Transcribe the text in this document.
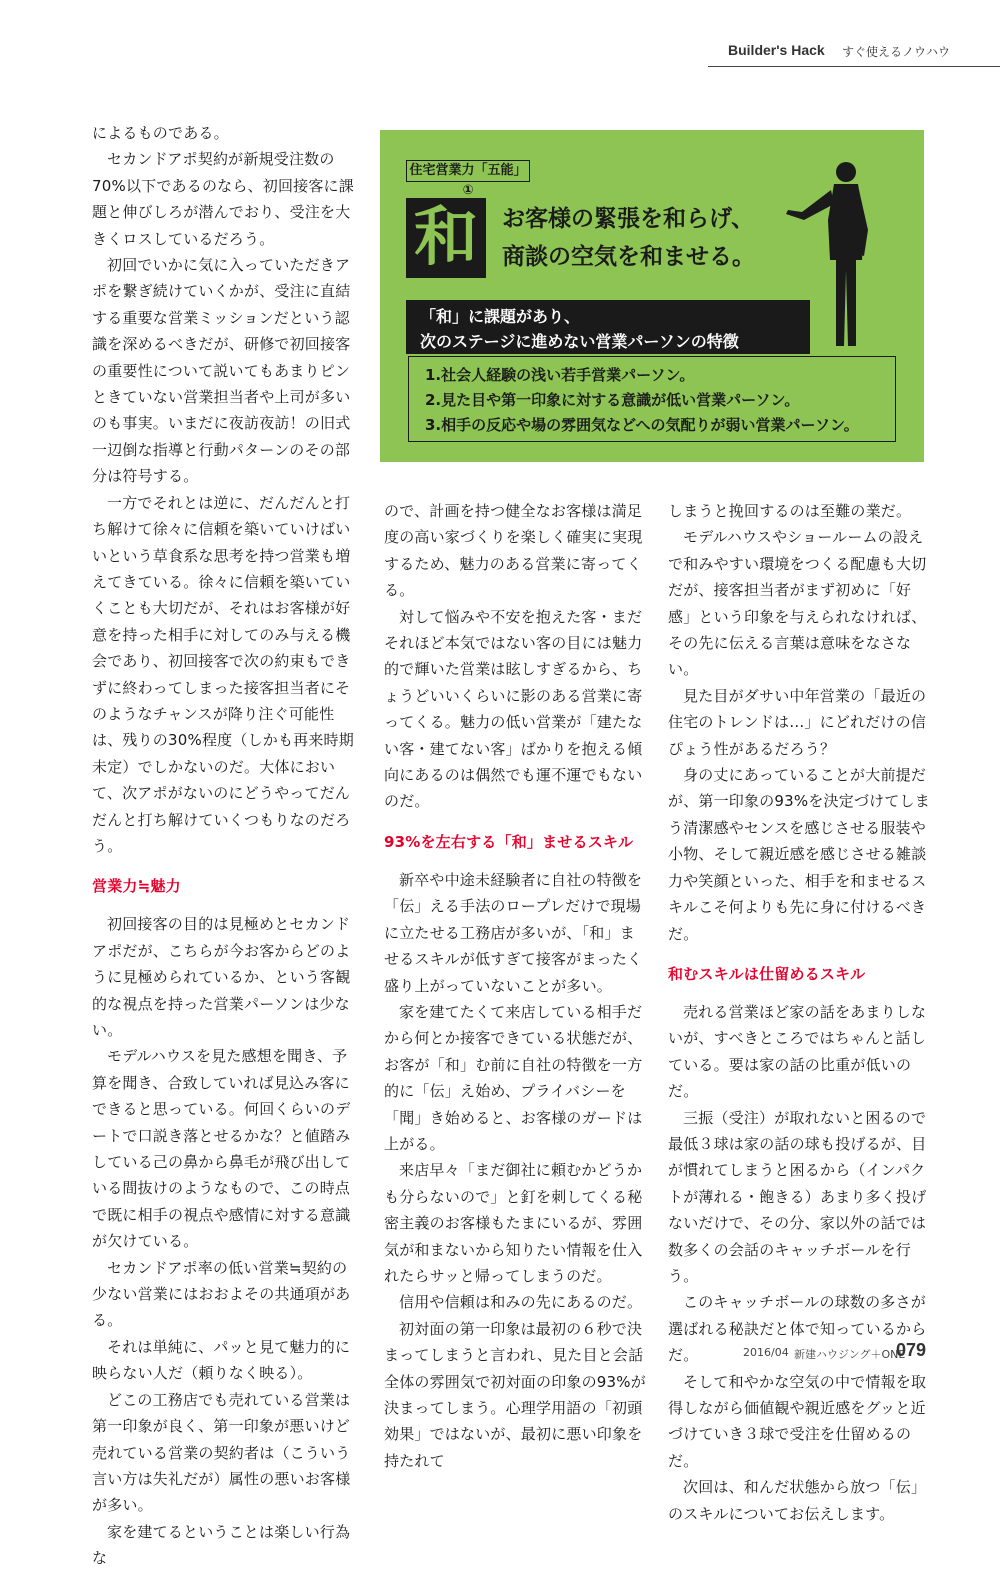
Builder's Hack すぐ使えるノウハウ

によるものである。

セカンドアポ契約が新規受注数の70%以下であるのなら、初回接客に課題と伸びしろが潜んでおり、受注を大きくロスしているだろう。

初回でいかに気に入っていただきアポを繋ぎ続けていくかが、受注に直結する重要な営業ミッションだという認識を深めるべきだが、研修で初回接客の重要性について説いてもあまりピンときていない営業担当者や上司が多いのも事実。いまだに夜訪夜訪！の旧式一辺倒な指導と行動パターンのその部分は符号する。

一方でそれとは逆に、だんだんと打ち解けて徐々に信頼を築いていけばいいという草食系な思考を持つ営業も増えてきている。徐々に信頼を築いていくことも大切だが、それはお客様が好意を持った相手に対してのみ与える機会であり、初回接客で次の約束もできずに終わってしまった接客担当者にそのようなチャンスが降り注ぐ可能性は、残りの30%程度（しかも再来時期未定）でしかないのだ。大体において、次アポがないのにどうやってだんだんと打ち解けていくつもりなのだろう。

営業力≒魅力

初回接客の目的は見極めとセカンドアポだが、こちらが今お客からどのように見極められているか、という客観的な視点を持った営業パーソンは少ない。

モデルハウスを見た感想を聞き、予算を聞き、合致していれば見込み客にできると思っている。何回くらいのデートで口説き落とせるかな？と値踏みしている己の鼻から鼻毛が飛び出している間抜けのようなもので、この時点で既に相手の視点や感情に対する意識が欠けている。

セカンドアポ率の低い営業≒契約の少ない営業にはおおよその共通項がある。

それは単純に、パッと見て魅力的に映らない人だ（頼りなく映る）。

どこの工務店でも売れている営業は第一印象が良く、第一印象が悪いけど売れている営業の契約者は（こういう言い方は失礼だが）属性の悪いお客様が多い。

家を建てるということは楽しい行為な

住宅営業力「五能」①
和	お客様の緊張を和らげ、
商談の空気を和ませる。
「和」に課題があり、
次のステージに進めない営業パーソンの特徴
1.社会人経験の浅い若手営業パーソン。
2.見た目や第一印象に対する意識が低い営業パーソン。
3.相手の反応や場の雰囲気などへの気配りが弱い営業パーソン。

ので、計画を持つ健全なお客様は満足度の高い家づくりを楽しく確実に実現するため、魅力のある営業に寄ってくる。

対して悩みや不安を抱えた客・まだそれほど本気ではない客の目には魅力的で輝いた営業は眩しすぎるから、ちょうどいいくらいに影のある営業に寄ってくる。魅力の低い営業が「建たない客・建てない客」ばかりを抱える傾向にあるのは偶然でも運不運でもないのだ。

93%を左右する「和」ませるスキル

新卒や中途未経験者に自社の特徴を「伝」える手法のロープレだけで現場に立たせる工務店が多いが、「和」ませるスキルが低すぎて接客がまったく盛り上がっていないことが多い。

家を建てたくて来店している相手だから何とか接客できている状態だが、お客が「和」む前に自社の特徴を一方的に「伝」え始め、プライバシーを「聞」き始めると、お客様のガードは上がる。

来店早々「まだ御社に頼むかどうかも分らないので」と釘を刺してくる秘密主義のお客様もたまにいるが、雰囲気が和まないから知りたい情報を仕入れたらサッと帰ってしまうのだ。

信用や信頼は和みの先にあるのだ。

初対面の第一印象は最初の６秒で決まってしまうと言われ、見た目と会話全体の雰囲気で初対面の印象の93%が決まってしまう。心理学用語の「初頭効果」ではないが、最初に悪い印象を持たれて

しまうと挽回するのは至難の業だ。

モデルハウスやショールームの設えで和みやすい環境をつくる配慮も大切だが、接客担当者がまず初めに「好感」という印象を与えられなければ、その先に伝える言葉は意味をなさない。

見た目がダサい中年営業の「最近の住宅のトレンドは…」にどれだけの信ぴょう性があるだろう？

身の丈にあっていることが大前提だが、第一印象の93%を決定づけてしまう清潔感やセンスを感じさせる服装や小物、そして親近感を感じさせる雑談力や笑顔といった、相手を和ませるスキルこそ何よりも先に身に付けるべきだ。

和むスキルは仕留めるスキル

売れる営業ほど家の話をあまりしないが、すべきところではちゃんと話している。要は家の話の比重が低いのだ。

三振（受注）が取れないと困るので最低３球は家の話の球も投げるが、目が慣れてしまうと困るから（インパクトが薄れる・飽きる）あまり多く投げないだけで、その分、家以外の話では数多くの会話のキャッチボールを行う。

このキャッチボールの球数の多さが選ばれる秘訣だと体で知っているからだ。

そして和やかな空気の中で情報を取得しながら価値観や親近感をグッと近づけていき３球で受注を仕留めるのだ。

次回は、和んだ状態から放つ「伝」のスキルについてお伝えします。

2016/04 新建ハウジング＋ONE
079
